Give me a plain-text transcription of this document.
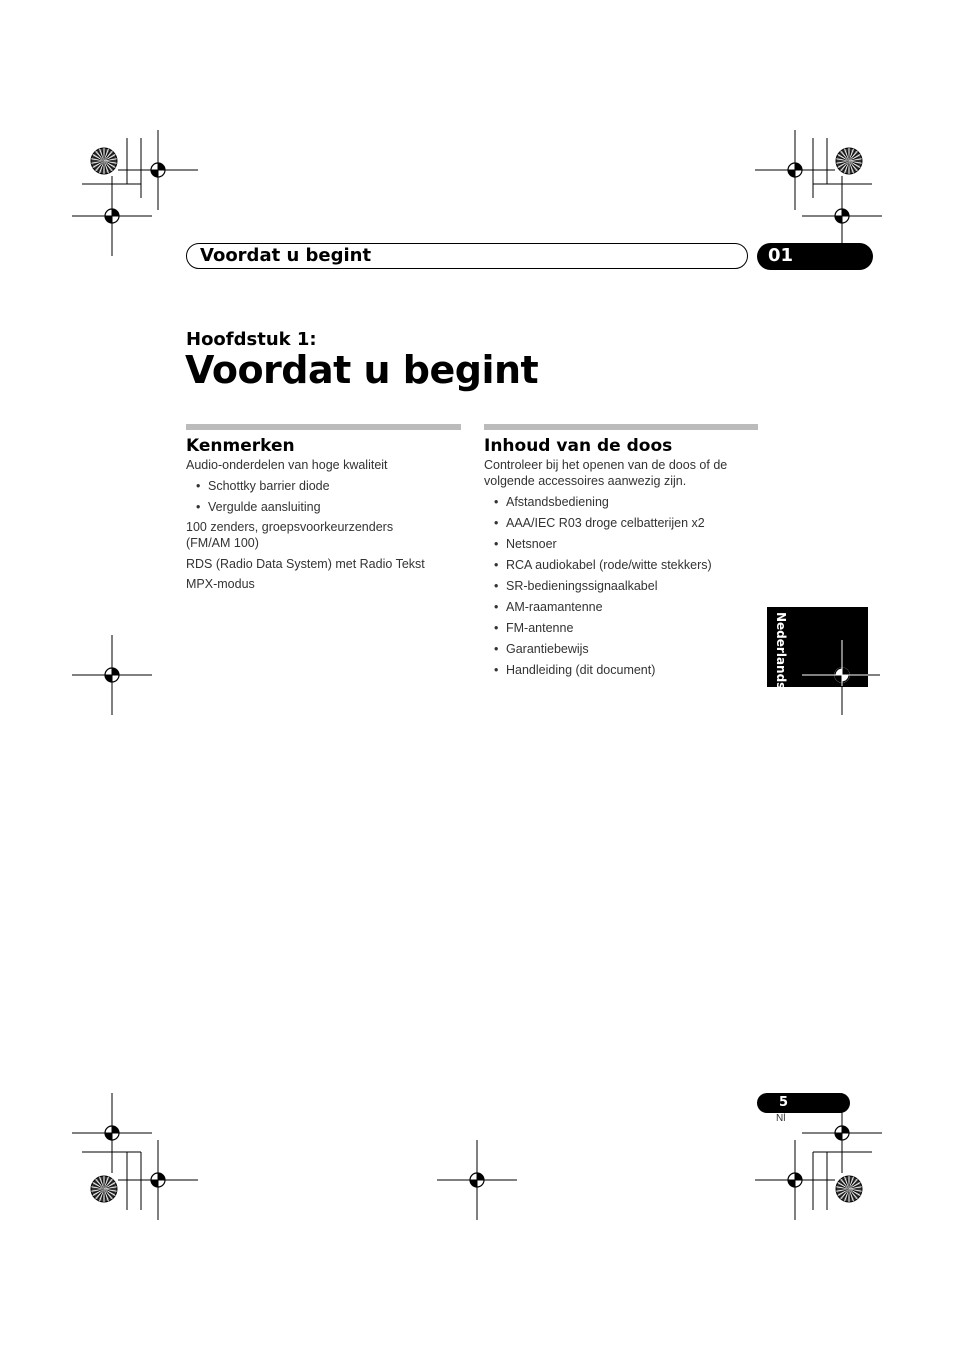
Voordat u begint	01
Hoofdstuk 1:
Voordat u begint
Kenmerken

Audio-onderdelen van hoge kwaliteit

• Schottky barrier diode
• Vergulde aansluiting

100 zenders, groepsvoorkeurzenders

(FM/AM 100)

RDS (Radio Data System) met Radio Tekst

MPX-modus

Inhoud van de doos

Controleer bij het openen van de doos of de

volgende accessoires aanwezig zijn.

• Afstandsbediening
• AAA/IEC R03 droge celbatterijen x2
• Netsnoer
• RCA audiokabel (rode/witte stekkers)
• SR-bedieningssignaalkabel
• AM-raamantenne
• FM-antenne
• Garantiebewijs
• Handleiding (dit document)	Nederlands
5
Nl
